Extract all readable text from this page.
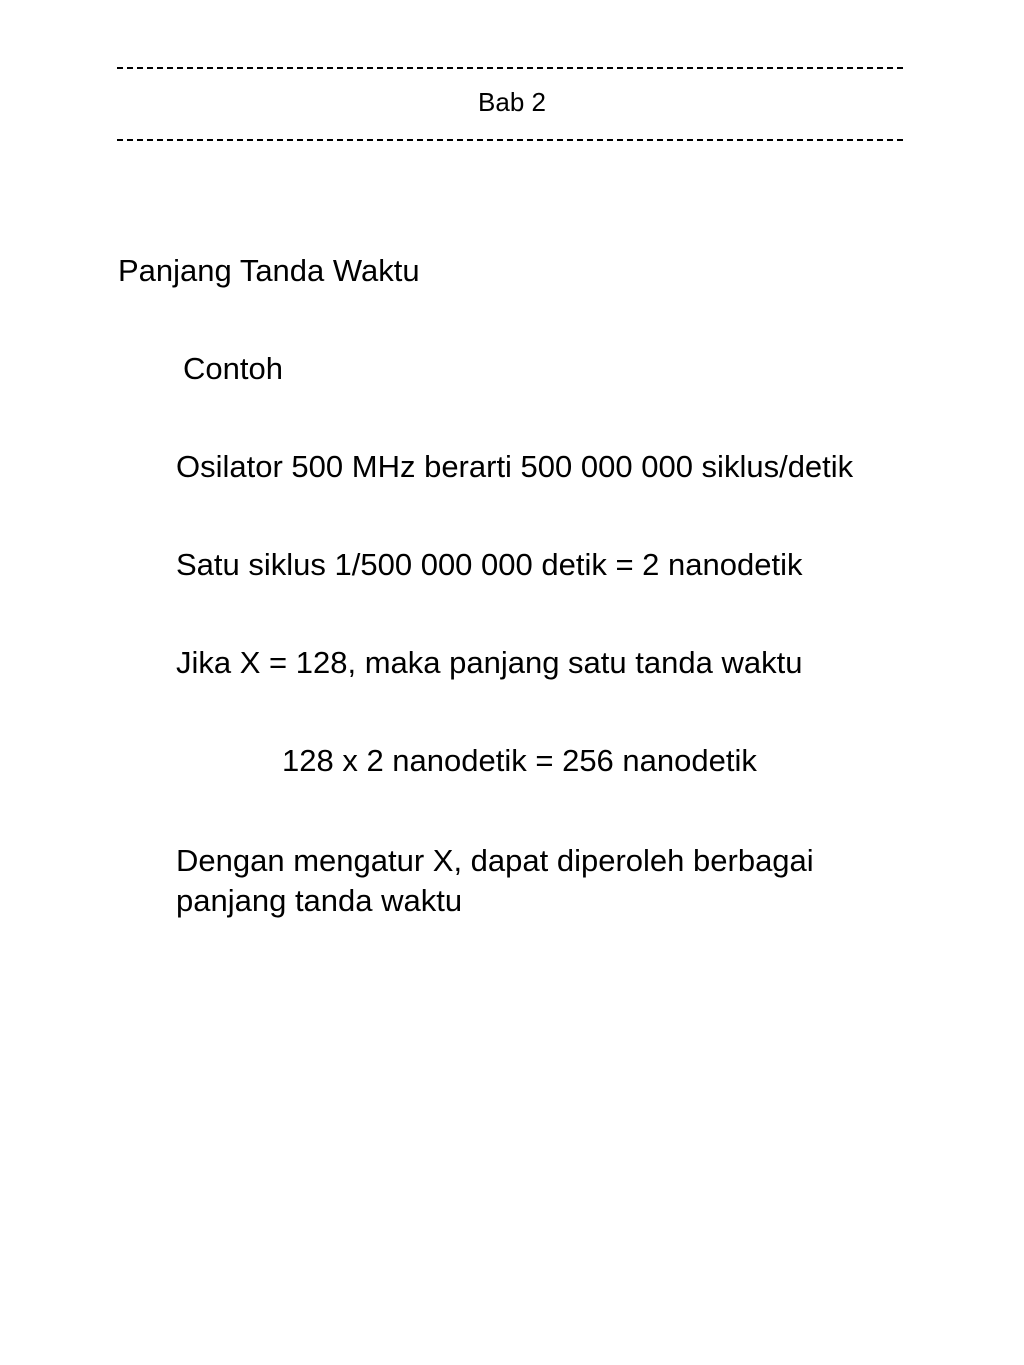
Bab 2
Panjang Tanda Waktu
Contoh
Osilator 500 MHz berarti 500 000 000 siklus/detik
Satu siklus 1/500 000 000 detik = 2 nanodetik
Jika X = 128, maka panjang satu tanda waktu
128 x 2 nanodetik = 256 nanodetik
Dengan mengatur X, dapat diperoleh berbagai
panjang tanda waktu
